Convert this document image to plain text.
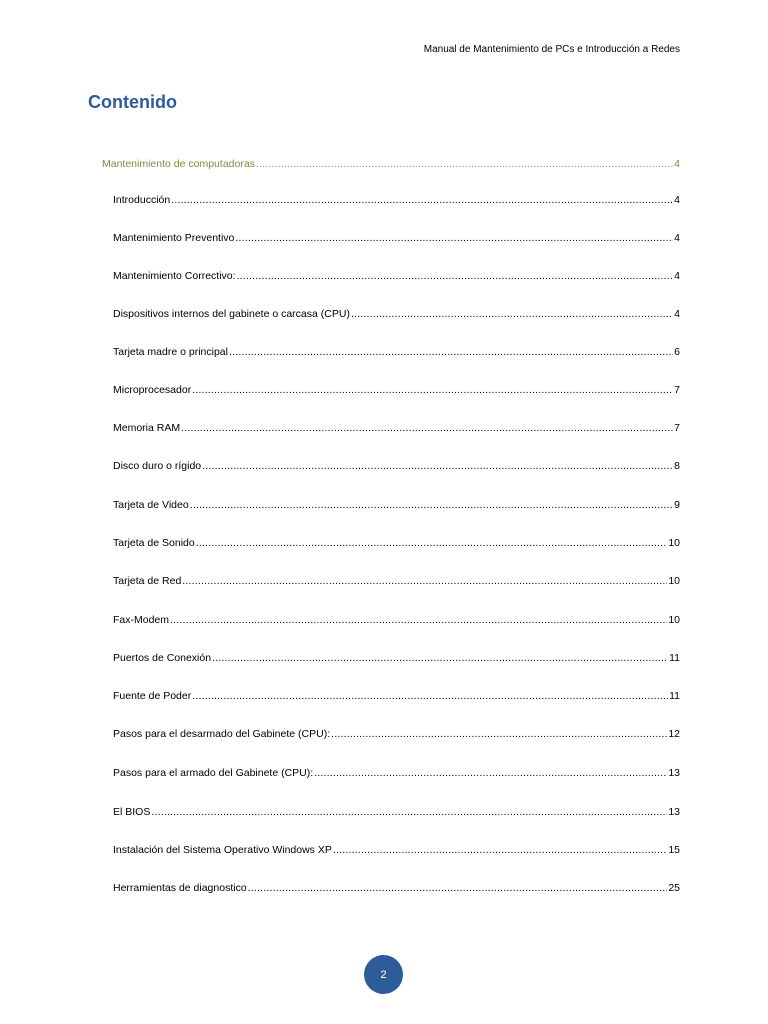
Manual de Mantenimiento de PCs e Introducción a Redes
Contenido
Mantenimiento de computadoras .....	4
Introducción .....	4
Mantenimiento Preventivo .....	4
Mantenimiento Correctivo: .....	4
Dispositivos internos del gabinete o carcasa (CPU) .....	4
Tarjeta madre o principal .....	6
Microprocesador .....	7
Memoria RAM .....	7
Disco duro o rígido .....	8
Tarjeta de Video .....	9
Tarjeta de Sonido .....	10
Tarjeta de Red .....	10
Fax-Modem .....	10
Puertos de Conexión .....	11
Fuente de Poder .....	11
Pasos para el desarmado del Gabinete (CPU): .....	12
Pasos para el armado del Gabinete (CPU): .....	13
El BIOS .....	13
Instalación del Sistema Operativo Windows XP .....	15
Herramientas de diagnostico .....	25
2
